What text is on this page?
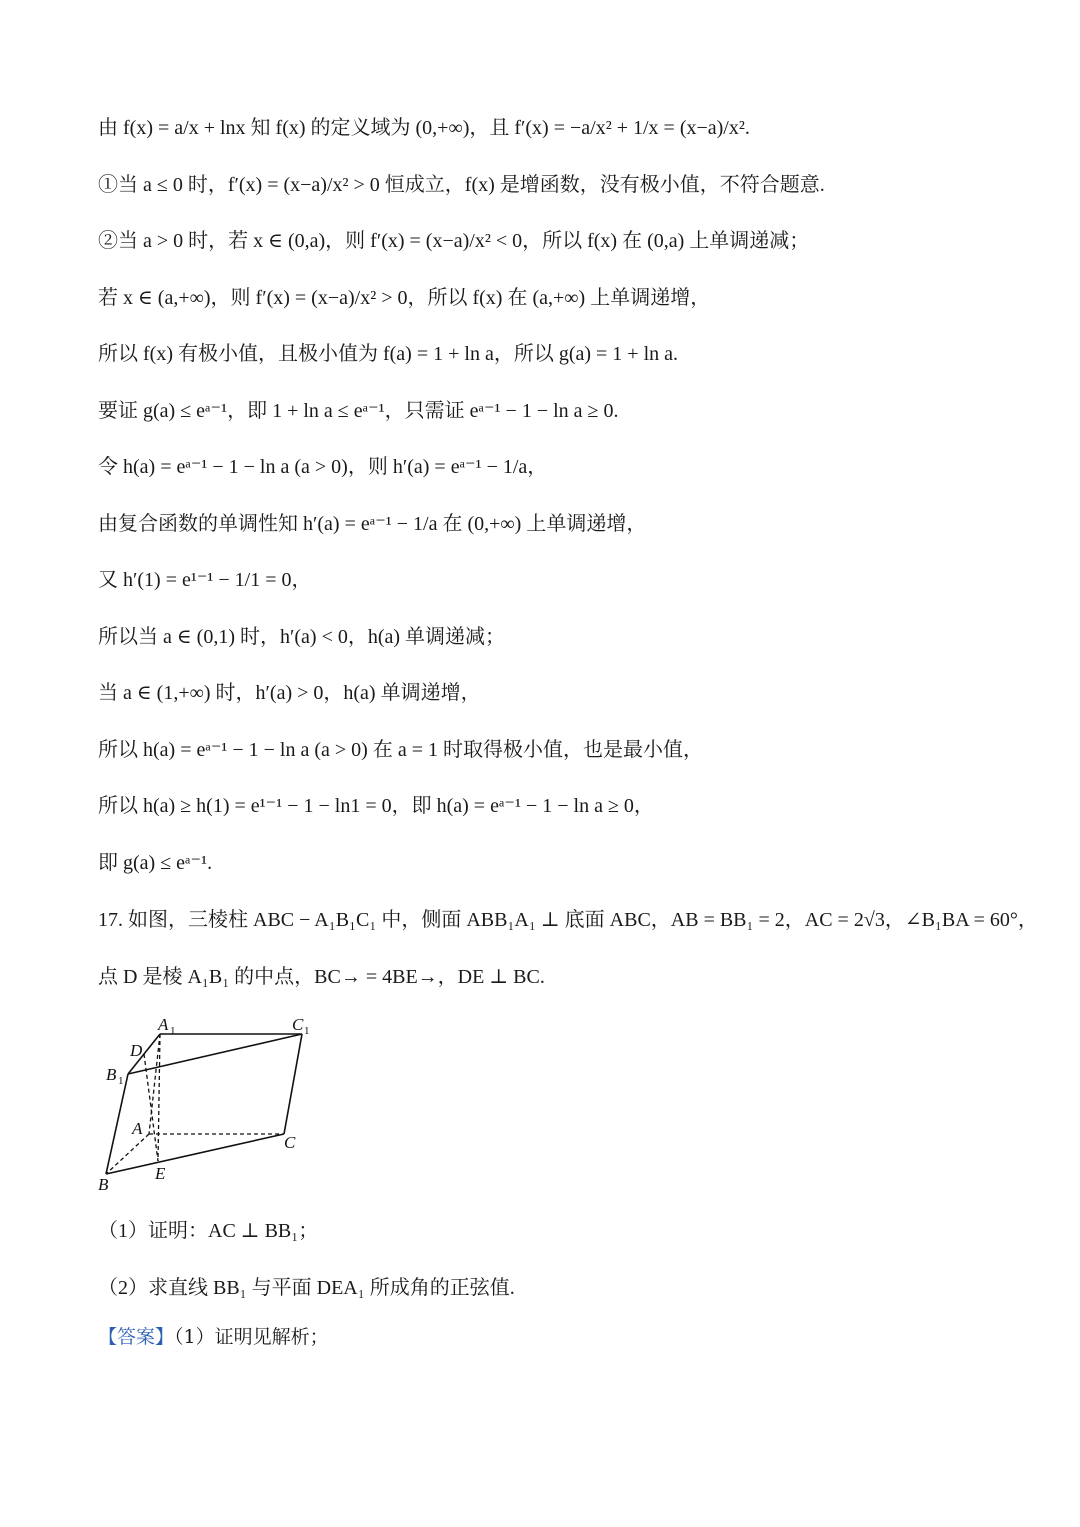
由 f(x) = a/x + lnx 知 f(x) 的定义域为 (0,+∞)，且 f′(x) = −a/x² + 1/x = (x−a)/x².
①当 a ≤ 0 时，f′(x) = (x−a)/x² > 0 恒成立，f(x) 是增函数，没有极小值，不符合题意.
②当 a > 0 时，若 x ∈ (0,a)，则 f′(x) = (x−a)/x² < 0，所以 f(x) 在 (0,a) 上单调递减；
若 x ∈ (a,+∞)，则 f′(x) = (x−a)/x² > 0，所以 f(x) 在 (a,+∞) 上单调递增，
所以 f(x) 有极小值，且极小值为 f(a) = 1 + ln a，所以 g(a) = 1 + ln a.
要证 g(a) ≤ eᵃ⁻¹，即 1 + ln a ≤ eᵃ⁻¹，只需证 eᵃ⁻¹ − 1 − ln a ≥ 0.
令 h(a) = eᵃ⁻¹ − 1 − ln a (a > 0)，则 h′(a) = eᵃ⁻¹ − 1/a，
由复合函数的单调性知 h′(a) = eᵃ⁻¹ − 1/a 在 (0,+∞) 上单调递增，
又 h′(1) = e¹⁻¹ − 1/1 = 0，
所以当 a ∈ (0,1) 时，h′(a) < 0，h(a) 单调递减；
当 a ∈ (1,+∞) 时，h′(a) > 0，h(a) 单调递增，
所以 h(a) = eᵃ⁻¹ − 1 − ln a (a > 0) 在 a = 1 时取得极小值，也是最小值，
所以 h(a) ≥ h(1) = e¹⁻¹ − 1 − ln1 = 0，即 h(a) = eᵃ⁻¹ − 1 − ln a ≥ 0，
即 g(a) ≤ eᵃ⁻¹.
17. 如图，三棱柱 ABC − A₁B₁C₁ 中，侧面 ABB₁A₁ ⊥ 底面 ABC，AB = BB₁ = 2，AC = 2√3，∠B₁BA = 60°，
点 D 是棱 A₁B₁ 的中点，BC→ = 4BE→，DE ⊥ BC.
A 1	C 1
D
B 1
A
C
E
B
（1）证明：AC ⊥ BB₁；
（2）求直线 BB₁ 与平面 DEA₁ 所成角的正弦值.
【答案】（1）证明见解析；
